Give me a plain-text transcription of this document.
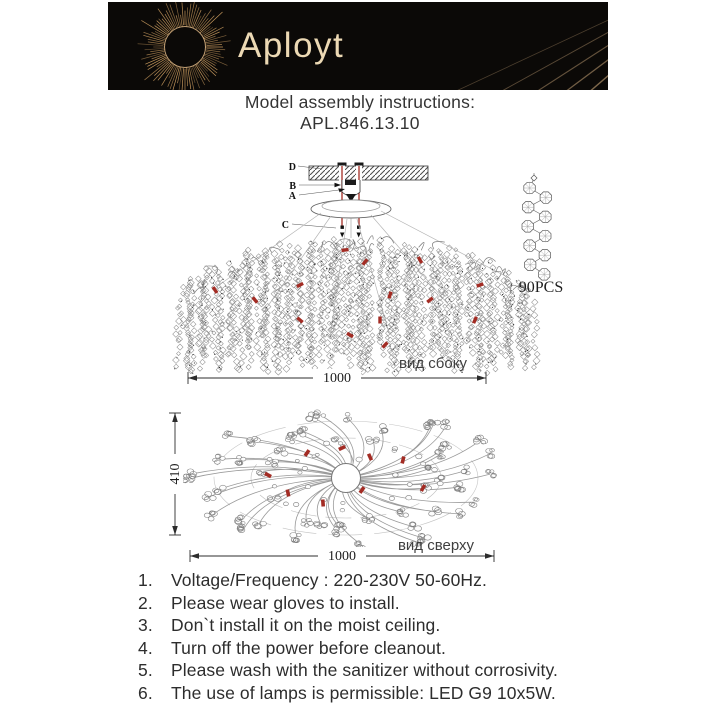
Aployt
Model assembly instructions:
APL.846.13.10
D
B
A
C
вид сбоку
1000
90PCS
вид сверху
1000
410
1. Voltage/Frequency : 220-230V 50-60Hz.
2. Please wear gloves to install.
3. Don`t install it on the moist ceiling.
4. Turn off the power before cleanout.
5. Please wash with the sanitizer without corrosivity.
6. The use of lamps is permissible: LED G9 10x5W.
